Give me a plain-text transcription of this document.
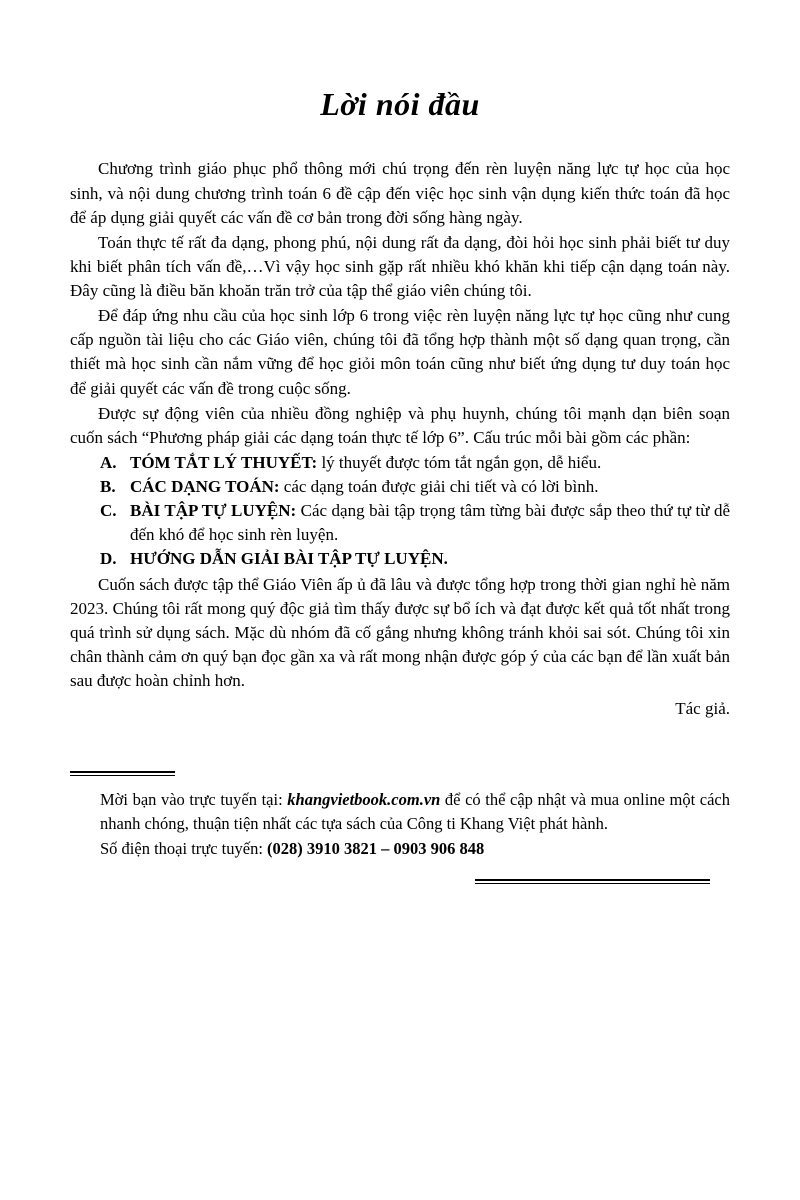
Lời nói đầu

Chương trình giáo phục phổ thông mới chú trọng đến rèn luyện năng lực tự học của học sinh, và nội dung chương trình toán 6 đề cập đến việc học sinh vận dụng kiến thức toán đã học để áp dụng giải quyết các vấn đề cơ bản trong đời sống hàng ngày.

Toán thực tế rất đa dạng, phong phú, nội dung rất đa dạng, đòi hỏi học sinh phải biết tư duy khi biết phân tích vấn đề,…Vì vậy học sinh gặp rất nhiều khó khăn khi tiếp cận dạng toán này. Đây cũng là điều băn khoăn trăn trở của tập thể giáo viên chúng tôi.

Để đáp ứng nhu cầu của học sinh lớp 6 trong việc rèn luyện năng lực tự học cũng như cung cấp nguồn tài liệu cho các Giáo viên, chúng tôi đã tổng hợp thành một số dạng quan trọng, cần thiết mà học sinh cần nắm vững để học giỏi môn toán cũng như biết ứng dụng tư duy toán học để giải quyết các vấn đề trong cuộc sống.

Được sự động viên của nhiều đồng nghiệp và phụ huynh, chúng tôi mạnh dạn biên soạn cuốn sách “Phương pháp giải các dạng toán thực tế lớp 6”. Cấu trúc mỗi bài gồm các phần:

A. TÓM TẮT LÝ THUYẾT: lý thuyết được tóm tắt ngắn gọn, dễ hiểu.
B. CÁC DẠNG TOÁN: các dạng toán được giải chi tiết và có lời bình.
C. BÀI TẬP TỰ LUYỆN: Các dạng bài tập trọng tâm từng bài được sắp theo thứ tự từ dễ đến khó để học sinh rèn luyện.
D. HƯỚNG DẪN GIẢI BÀI TẬP TỰ LUYỆN.

Cuốn sách được tập thể Giáo Viên ấp ủ đã lâu và được tổng hợp trong thời gian nghỉ hè năm 2023. Chúng tôi rất mong quý độc giả tìm thấy được sự bổ ích và đạt được kết quả tốt nhất trong quá trình sử dụng sách. Mặc dù nhóm đã cố gắng nhưng không tránh khỏi sai sót. Chúng tôi xin chân thành cảm ơn quý bạn đọc gần xa và rất mong nhận được góp ý của các bạn để lần xuất bản sau được hoàn chỉnh hơn.

Tác giả.

Mời bạn vào trực tuyến tại: khangvietbook.com.vn để có thể cập nhật và mua online một cách nhanh chóng, thuận tiện nhất các tựa sách của Công ti Khang Việt phát hành.
Số điện thoại trực tuyến: (028) 3910 3821 – 0903 906 848
